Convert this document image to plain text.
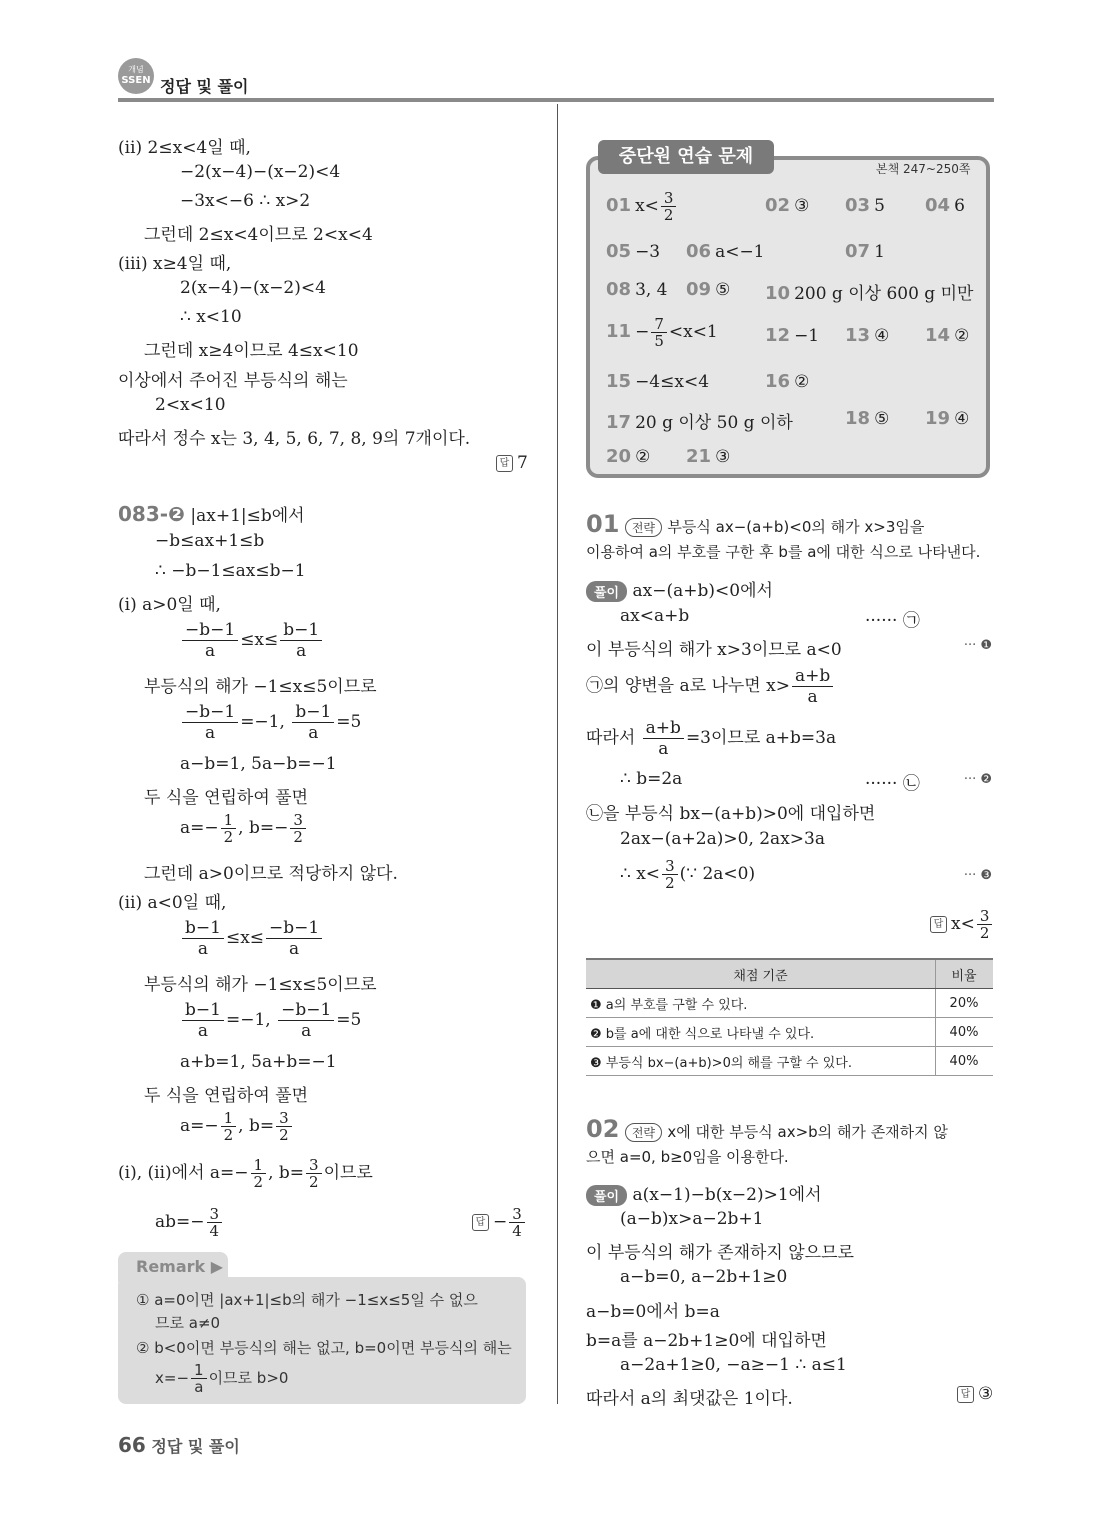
개념
SSEN 정답 및 풀이
(ⅱ) 2≤x<4일 때,
−2(x−4)−(x−2)<4
−3x<−6 ∴ x>2
그런데 2≤x<4이므로 2<x<4
(ⅲ) x≥4일 때,
2(x−4)−(x−2)<4
∴ x<10
그런데 x≥4이므로 4≤x<10
이상에서 주어진 부등식의 해는
2<x<10
따라서 정수 x는 3, 4, 5, 6, 7, 8, 9의 7개이다.
답 7
083-❷ |ax+1|≤b에서
−b≤ax+1≤b
∴ −b−1≤ax≤b−1
(ⅰ) a>0일 때,
$\frac{-b-1}{a} \le x\le \frac{b-1}{a}$
부등식의 해가 −1≤x≤5이므로
$\frac{-b-1}{a} =-1$, $\frac{b-1}{a} =5$
a−b=1, 5a−b=−1
두 식을 연립하여 풀면
$a=- \frac{1}{2}$ , $b=- \frac{3}{2}$
그런데 a>0이므로 적당하지 않다.
(ⅱ) a<0일 때,
$\frac{b-1}{a} \le x\le \frac{-b-1}{a}$
부등식의 해가 −1≤x≤5이므로
$\frac{b-1}{a} =-1$, $\frac{-b-1}{a} =5$
a+b=1, 5a+b=−1
두 식을 연립하여 풀면
$a=- \frac{1}{2}$ , $b= \frac{3}{2}$
(ⅰ), (ⅱ)에서 $a=- \frac{1}{2}$ , $b= \frac{3}{2}$ 이므로
$ab=- \frac{3}{4}$	답 − $\frac{3}{4}$
Remark ▶
① a=0이면 |ax+1|≤b의 해가 −1≤x≤5일 수 없으
므로 a≠0
② b<0이면 부등식의 해는 없고, b=0이면 부등식의 해는
$x=- \frac{1}{a}$ 이므로 b>0
중단원 연습 문제
본책 247~250쪽
01 $x< \frac{3}{2}$	02 ③ 03 5 04 6
05 −3 06 a<−1	07 1
08 3, 4 09 ⑤ 10 200 g 이상 600 g 미만
$11 - \frac{7}{5} <x<1$	12 −1 13 ④ 14 ②
15 −4≤x<4	16 ②
17 20 g 이상 50 g 이하	18 ⑤ 19 ④
20 ② 21 ③
01 전략 부등식 ax−(a+b)<0의 해가 x>3임을
이용하여 a의 부호를 구한 후 b를 a에 대한 식으로 나타낸다.
풀이 ax−(a+b)<0에서
ax<a+b	······ ㉠
이 부등식의 해가 x>3이므로 a<0	··· ❶
㉠의 양변을 a로 나누면 $x> \frac{a+b}{a}$
따라서 $\frac{a+b}{a} =3$이므로 a+b=3a
∴ b=2a	······ ㉡	··· ❷
㉡을 부등식 bx−(a+b)>0에 대입하면
2ax−(a+2a)>0, 2ax>3a
∴ $x< \frac{3}{2}$ (∵ 2a<0)	··· ❸
답 $x< \frac{3}{2}$
채점 기준	비율
❶ a의 부호를 구할 수 있다.	20%
❷ b를 a에 대한 식으로 나타낼 수 있다.	40%
❸ 부등식 bx−(a+b)>0의 해를 구할 수 있다.	40%
02 전략 x에 대한 부등식 ax>b의 해가 존재하지 않
으면 a=0, b≥0임을 이용한다.
풀이 a(x−1)−b(x−2)>1에서
(a−b)x>a−2b+1
이 부등식의 해가 존재하지 않으므로
a−b=0, a−2b+1≥0
a−b=0에서 b=a
b=a를 a−2b+1≥0에 대입하면
a−2a+1≥0, −a≥−1 ∴ a≤1
따라서 a의 최댓값은 1이다.	답 ③
66 정답 및 풀이
